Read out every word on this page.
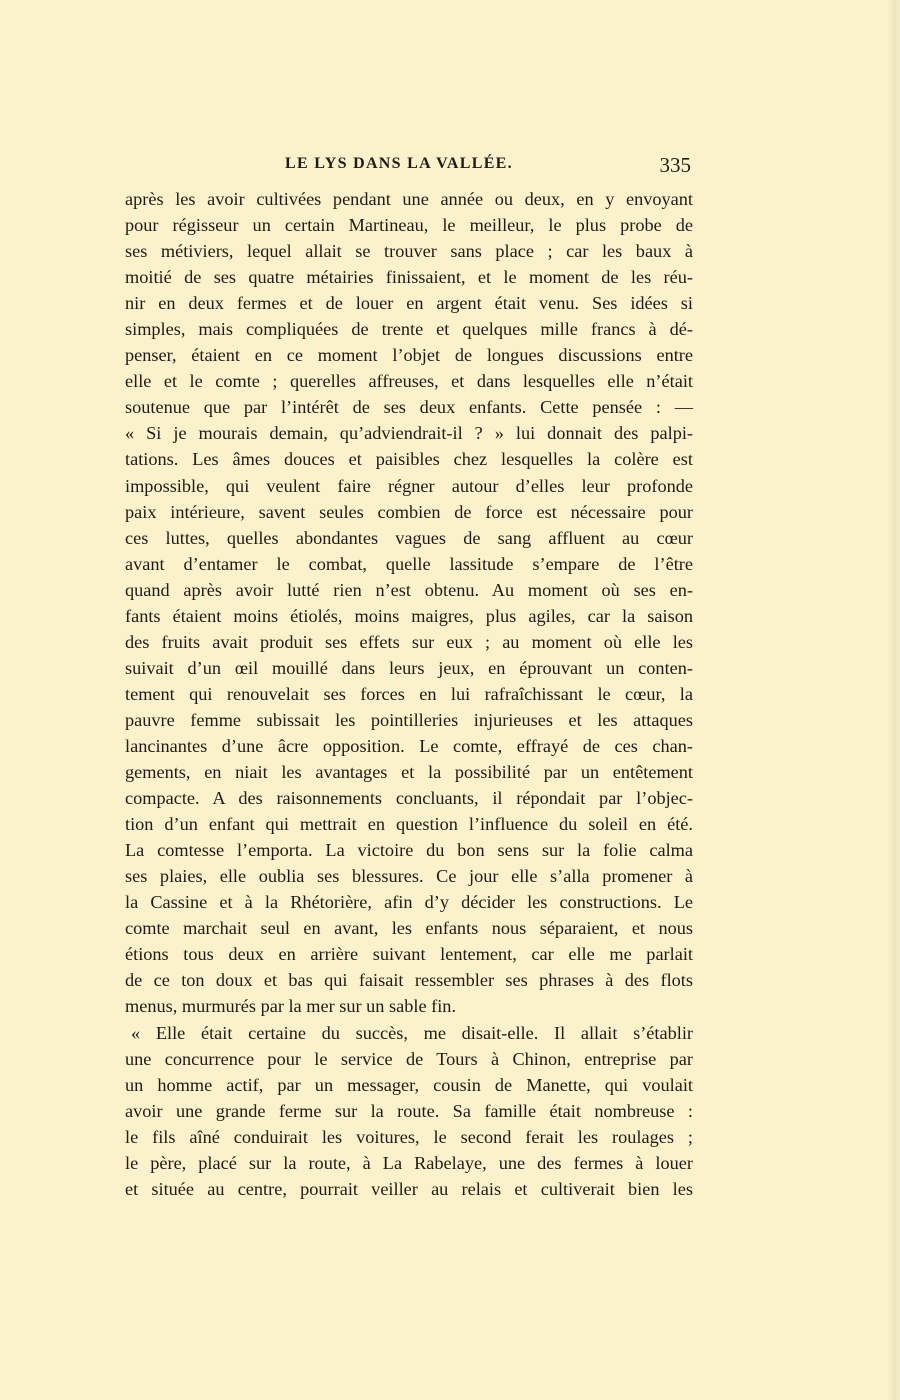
LE LYS DANS LA VALLÉE.	335
après les avoir cultivées pendant une année ou deux, en y envoyant
pour régisseur un certain Martineau, le meilleur, le plus probe de
ses métiviers, lequel allait se trouver sans place ; car les baux à
moitié de ses quatre métairies finissaient, et le moment de les réu-
nir en deux fermes et de louer en argent était venu. Ses idées si
simples, mais compliquées de trente et quelques mille francs à dé-
penser, étaient en ce moment l’objet de longues discussions entre
elle et le comte ; querelles affreuses, et dans lesquelles elle n’était
soutenue que par l’intérêt de ses deux enfants. Cette pensée : —
« Si je mourais demain, qu’adviendrait-il ? » lui donnait des palpi-
tations. Les âmes douces et paisibles chez lesquelles la colère est
impossible, qui veulent faire régner autour d’elles leur profonde
paix intérieure, savent seules combien de force est nécessaire pour
ces luttes, quelles abondantes vagues de sang affluent au cœur
avant d’entamer le combat, quelle lassitude s’empare de l’être
quand après avoir lutté rien n’est obtenu. Au moment où ses en-
fants étaient moins étiolés, moins maigres, plus agiles, car la saison
des fruits avait produit ses effets sur eux ; au moment où elle les
suivait d’un œil mouillé dans leurs jeux, en éprouvant un conten-
tement qui renouvelait ses forces en lui rafraîchissant le cœur, la
pauvre femme subissait les pointilleries injurieuses et les attaques
lancinantes d’une âcre opposition. Le comte, effrayé de ces chan-
gements, en niait les avantages et la possibilité par un entêtement
compacte. A des raisonnements concluants, il répondait par l’objec-
tion d’un enfant qui mettrait en question l’influence du soleil en été.
La comtesse l’emporta. La victoire du bon sens sur la folie calma
ses plaies, elle oublia ses blessures. Ce jour elle s’alla promener à
la Cassine et à la Rhétorière, afin d’y décider les constructions. Le
comte marchait seul en avant, les enfants nous séparaient, et nous
étions tous deux en arrière suivant lentement, car elle me parlait
de ce ton doux et bas qui faisait ressembler ses phrases à des flots
menus, murmurés par la mer sur un sable fin.
« Elle était certaine du succès, me disait-elle. Il allait s’établir
une concurrence pour le service de Tours à Chinon, entreprise par
un homme actif, par un messager, cousin de Manette, qui voulait
avoir une grande ferme sur la route. Sa famille était nombreuse :
le fils aîné conduirait les voitures, le second ferait les roulages ;
le père, placé sur la route, à La Rabelaye, une des fermes à louer
et située au centre, pourrait veiller au relais et cultiverait bien les
